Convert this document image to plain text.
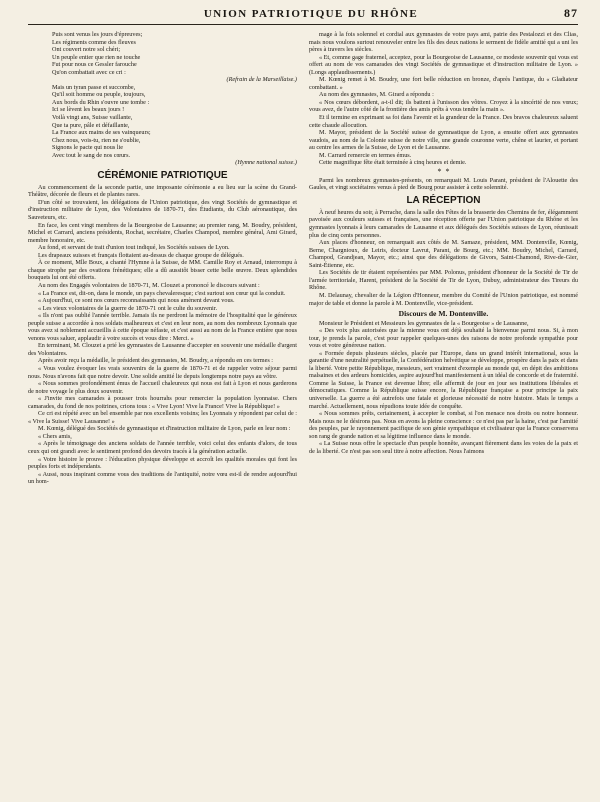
UNION PATRIOTIQUE DU RHÔNE	87

Puis sont venus les jours d'épreuves;

Les régiments comme des fleuves

Ont couvert notre sol chéri;

Un peuple entier que rien ne touche

Fut pour nous ce Gessler farouche

Qu'on combattait avec ce cri :

(Refrain de la Marseillaise.)

Mais un tyran passe et succombe,

Qu'il soit homme ou peuple, toujours,

Aux bords du Rhin s'ouvre une tombe :

Ici se lèvent les beaux jours !

Voilà vingt ans, Suisse vaillante,

Que ta pure, pâle et défaillante,

La France aux mains de ses vainqueurs;

Chez nous, vois-tu, rien ne s'oublie,

Signons le pacte qui nous lie

Avec tout le sang de nos cœurs.

(Hymne national suisse.)

CÉRÉMONIE PATRIOTIQUE

Au commencement de la seconde partie, une imposante cérémonie a eu lieu sur la scène du Grand-Théâtre, décorée de fleurs et de plantes rares.

D'un côté se trouvaient, les délégations de l'Union patriotique, des vingt Sociétés de gymnastique et d'instruction militaire de Lyon, des Volontaires de 1870-71, des Étudiants, du Club aéronautique, des Sauveteurs, etc.

En face, les cent vingt membres de la Bourgeoise de Lausanne; au premier rang, M. Boudry, président, Michel et Carrard, anciens présidents, Rochat, secrétaire, Charles Champod, membre général, Ami Girard, membre honoraire, etc.

Au fond, et servant de trait d'union tout indiqué, les Sociétés suisses de Lyon.

Les drapeaux suisses et français flottaient au-dessus de chaque groupe de délégués.

À ce moment, Mlle Boux, a chanté l'Hymne à la Suisse, de MM. Camille Roy et Arnaud, interrompu à chaque strophe par des ovations frénétiques; elle a dû aussitôt bisser cette belle œuvre. Deux splendides bouquets lui ont été offerts.

Au nom des Engagés volontaires de 1870-71, M. Clouzet a prononcé le discours suivant :

« La France est, dit-on, dans le monde, un pays chevaleresque; c'est surtout son cœur qui la conduit.

« Aujourd'hui, ce sont nos cœurs reconnaissants qui nous amènent devant vous.

« Les vieux volontaires de la guerre de 1870-71 ont le culte du souvenir.

« Ils n'ont pas oublié l'année terrible. Jamais ils ne perdront la mémoire de l'hospitalité que le généreux peuple suisse a accordée à nos soldats malheureux et c'est en leur nom, au nom des nombreux Lyonnais que vous avez si noblement accueillis à cette époque néfaste, et c'est aussi au nom de la France entière que nous venons vous saluer, applaudir à votre succès et vous dire : Merci. »

En terminant, M. Clouzet a prié les gymnastes de Lausanne d'accepter en souvenir une médaille d'argent des Volontaires.

Après avoir reçu la médaille, le président des gymnastes, M. Boudry, a répondu en ces termes :

« Vous voulez évoquer les vrais souvenirs de la guerre de 1870-71 et de rappeler votre séjour parmi nous. Nous n'avons fait que notre devoir. Une solide amitié lie depuis longtemps notre pays au vôtre.

« Nous sommes profondément émus de l'accueil chaleureux qui nous est fait à Lyon et nous garderons de notre voyage le plus doux souvenir.

« J'invite mes camarades à pousser trois hourrahs pour remercier la population lyonnaise. Chers camarades, du fond de nos poitrines, crions tous : « Vive Lyon! Vive la France! Vive la République! »

Ce cri est répété avec un bel ensemble par nos excellents voisins; les Lyonnais y répondent par celui de : « Vive la Suisse! Vive Lausanne! »

M. Kœnig, délégué des Sociétés de gymnastique et d'instruction militaire de Lyon, parle en leur nom :

« Chers amis,

« Après le témoignage des anciens soldats de l'année terrible, voici celui des enfants d'alors, de tous ceux qui ont grandi avec le sentiment profond des devoirs tracés à la génération actuelle.

« Votre histoire le prouve : l'éducation physique développe et accroît les qualités morales qui font les peuples forts et indépendants.

« Aussi, nous inspirant comme vous des traditions de l'antiquité, notre vœu est-il de rendre aujourd'hui un hom-

mage à la fois solennel et cordial aux gymnastes de votre pays ami, patrie des Pestalozzi et des Clias, mais nous voulons surtout renouveler entre les fils des deux nations le serment de fidèle amitié qui a uni les pères à travers les siècles.

« Et, comme gage fraternel, acceptez, pour la Bourgeoise de Lausanne, ce modeste souvenir qui vous est offert au nom de vos camarades des vingt Sociétés de gymnastique et d'instruction militaire de Lyon. » (Longs applaudissements.)

M. Kœnig remet à M. Boudry, une fort belle réduction en bronze, d'après l'antique, du « Gladiateur combattant. »

Au nom des gymnastes, M. Girard a répondu :

« Nos cœurs débordent, a-t-il dit; ils battent à l'unisson des vôtres. Croyez à la sincérité de nos vœux; vous avez, de l'autre côté de la frontière des amis prêts à vous tendre la main ».

Et il termine en exprimant sa foi dans l'avenir et la grandeur de la France. Des bravos chaleureux saluent cette chaude allocution.

M. Mayor, président de la Société suisse de gymnastique de Lyon, a ensuite offert aux gymnastes vaudois, au nom de la Colonie suisse de notre ville, une grande couronne verte, chêne et laurier, et portant au centre les armes de la Suisse, de Lyon et de Lausanne.

M. Carrard remercie en termes émus.

Cette magnifique fête était terminée à cinq heures et demie.

*  *

Parmi les nombreux gymnastes-présents, on remarquait M. Louis Parant, président de l'Alouette des Gaules, et vingt sociétaires venus à pied de Bourg pour assister à cette solennité.

LA RÉCEPTION

À neuf heures du soir, à Perrache, dans la salle des Fêtes de la brasserie des Chemins de fer, élégamment pavoisée aux couleurs suisses et françaises, une réception offerte par l'Union patriotique du Rhône et les gymnastes lyonnais à leurs camarades de Lausanne et aux délégués des Sociétés suisses de Lyon, réunissait plus de cinq cents personnes.

Aux places d'honneur, on remarquait aux côtés de M. Samaze, président, MM. Dontenville, Kœnig, Berne, Chargnioux, de Leiris, docteur Lavrut, Parant, de Bourg, etc.; MM. Boudry, Michel, Carrard, Champod, Grandjean, Mayor, etc.; ainsi que des délégations de Givors, Saint-Chamond, Rive-de-Gier, Saint-Étienne, etc.

Les Sociétés de tir étaient représentées par MM. Polonus, président d'honneur de la Société de Tir de l'armée territoriale, Harent, président de la Société de Tir de Lyon, Dubuy, administrateur des Tireurs du Rhône.

M. Delaunay, chevalier de la Légion d'Honneur, membre du Comité de l'Union patriotique, est nommé major de table et donne la parole à M. Dontenville, vice-président.

Discours de M. Dontenville.

Monsieur le Président et Messieurs les gymnastes de la « Bourgeoise » de Lausanne,

« Des voix plus autorisées que la mienne vous ont déjà souhaité la bienvenue parmi nous. Si, à mon tour, je prends la parole, c'est pour rappeler quelques-unes des raisons de notre profonde sympathie pour vous et votre généreuse nation.

« Formée depuis plusieurs siècles, placée par l'Europe, dans un grand intérêt international, sous la garantie d'une neutralité perpétuelle, la Confédération helvétique se développe, prospère dans la paix et dans la liberté. Votre petite République, messieurs, sert vraiment d'exemple au monde qui, en dépit des ambitions malsaines et des ardeurs homicides, aspire aujourd'hui manifestement à un idéal de concorde et de fraternité. Comme la Suisse, la France est devenue libre; elle affermit de jour en jour ses institutions libérales et démocratiques. Comme la République suisse encore, la République française a pour principe la paix universelle. La guerre a été autrefois une fatale et glorieuse nécessité de notre histoire. Mais le temps a marché. Actuellement, nous répudions toute idée de conquête.

« Nous sommes prêts, certainement, à accepter le combat, si l'on menace nos droits ou notre honneur. Mais nous ne le désirons pas. Nous en avons la pleine conscience : ce n'est pas par la haine, c'est par l'amitié des peuples, par le rayonnement pacifique de son génie sympathique et civilisateur que la France conservera son rang de grande nation et sa légitime influence dans le monde.

« La Suisse nous offre le spectacle d'un peuple honnête, avançant fièrement dans les voies de la paix et de la liberté. Ce n'est pas son seul titre à notre affection. Nous l'aimons
